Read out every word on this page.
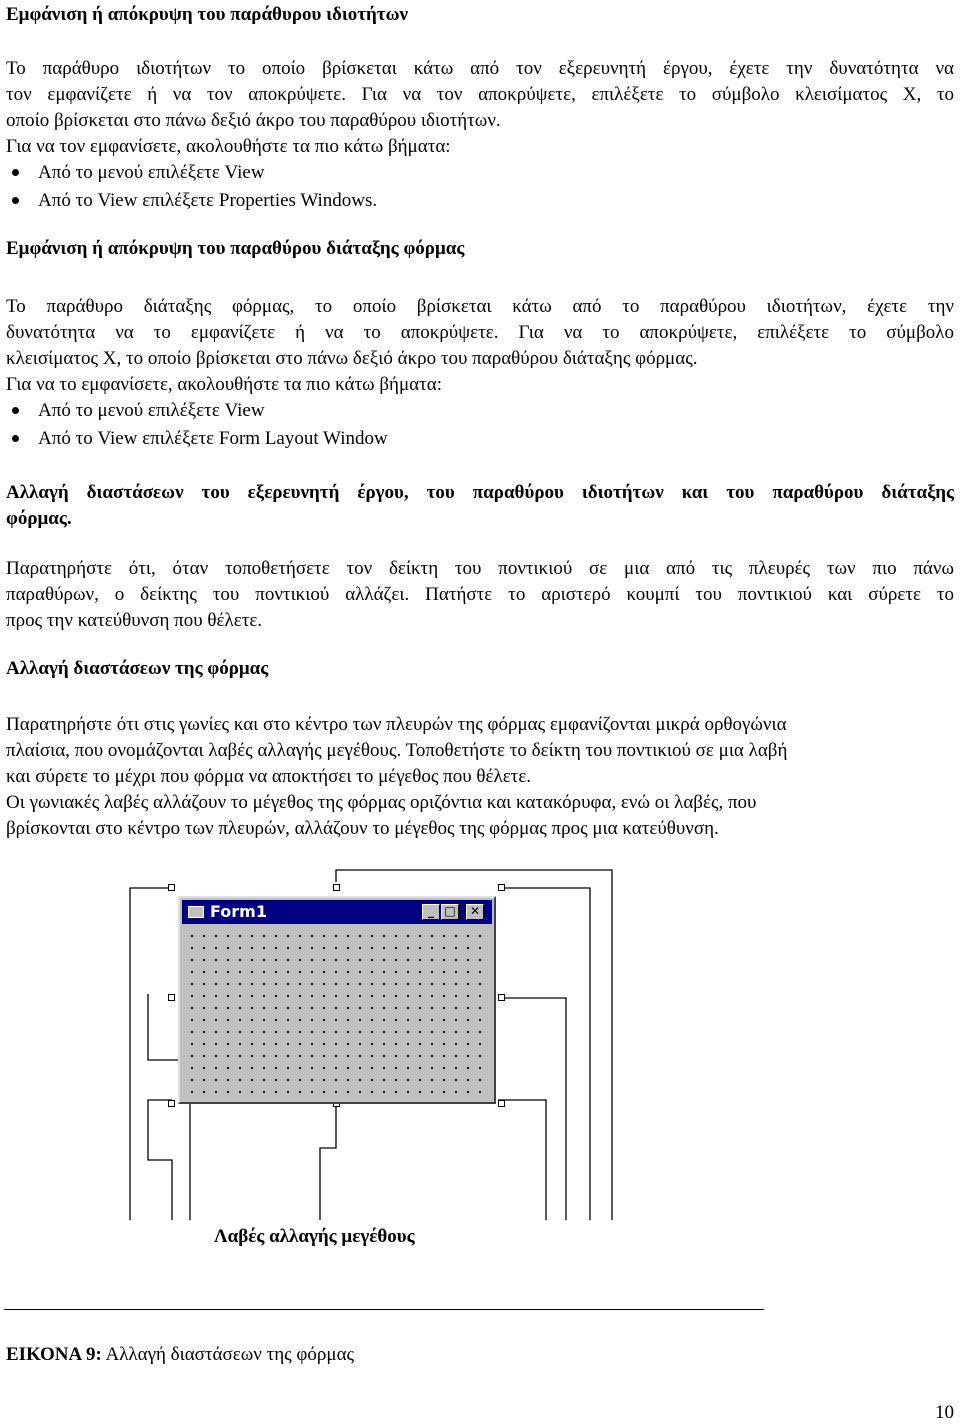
Εμφάνιση ή απόκρυψη του παράθυρου ιδιοτήτων
Το παράθυρο ιδιοτήτων το οποίο βρίσκεται κάτω από τον εξερευνητή έργου, έχετε την δυνατότητα να
τον εμφανίζετε ή να τον αποκρύψετε. Για να τον αποκρύψετε, επιλέξετε το σύμβολο κλεισίματος Χ, το
οποίο βρίσκεται στο πάνω δεξιό άκρο του παραθύρου ιδιοτήτων.
Για να τον εμφανίσετε, ακολουθήστε τα πιο κάτω βήματα:
Από το μενού επιλέξετε View
Από το View επιλέξετε Properties Windows.
Εμφάνιση ή απόκρυψη του παραθύρου διάταξης φόρμας
Το παράθυρο διάταξης φόρμας, το οποίο βρίσκεται κάτω από το παραθύρου ιδιοτήτων, έχετε την
δυνατότητα να το εμφανίζετε ή να το αποκρύψετε. Για να το αποκρύψετε, επιλέξετε το σύμβολο
κλεισίματος Χ, το οποίο βρίσκεται στο πάνω δεξιό άκρο του παραθύρου διάταξης φόρμας.
Για να το εμφανίσετε, ακολουθήστε τα πιο κάτω βήματα:
Από το μενού επιλέξετε View
Από το View επιλέξετε Form Layout Window
Αλλαγή διαστάσεων του εξερευνητή έργου, του παραθύρου ιδιοτήτων και του παραθύρου διάταξης
φόρμας.
Παρατηρήστε ότι, όταν τοποθετήσετε τον δείκτη του ποντικιού σε μια από τις πλευρές των πιο πάνω
παραθύρων, ο δείκτης του ποντικιού αλλάζει. Πατήστε το αριστερό κουμπί του ποντικιού και σύρετε το
προς την κατεύθυνση που θέλετε.
Αλλαγή διαστάσεων της φόρμας
Παρατηρήστε ότι στις γωνίες και στο κέντρο των πλευρών της φόρμας εμφανίζονται μικρά ορθογώνια
πλαίσια, που ονομάζονται λαβές αλλαγής μεγέθους. Τοποθετήστε το δείκτη του ποντικιού σε μια λαβή
και σύρετε το μέχρι που φόρμα να αποκτήσει το μέγεθος που θέλετε.
Οι γωνιακές λαβές αλλάζουν το μέγεθος της φόρμας οριζόντια και κατακόρυφα, ενώ οι λαβές, που
βρίσκονται στο κέντρο των πλευρών, αλλάζουν το μέγεθος της φόρμας προς μια κατεύθυνση.
Form1	_ □	✕
Λαβές αλλαγής μεγέθους
ΕΙΚΟΝΑ 9: Αλλαγή διαστάσεων της φόρμας
10
